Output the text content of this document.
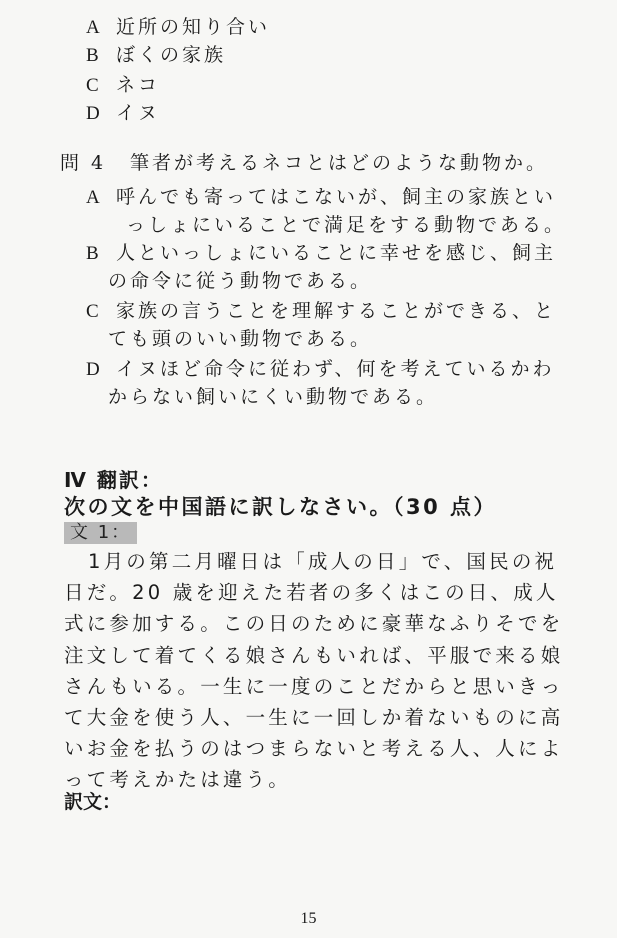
A 近所の知り合い
B ぼくの家族
C ネコ
D イヌ
問 4 筆者が考えるネコとはどのような動物か。
A 呼んでも寄ってはこないが、飼主の家族とい
っしょにいることで満足をする動物である。
B 人といっしょにいることに幸せを感じ、飼主
の命令に従う動物である。
C 家族の言うことを理解することができる、と
ても頭のいい動物である。
D イヌほど命令に従わず、何を考えているかわ
からない飼いにくい動物である。
Ⅳ 翻訳：
次の文を中国語に訳しなさい。（30 点）
文 1：
1月の第二月曜日は「成人の日」で、国民の祝日だ。20 歳を迎えた若者の多くはこの日、成人式に参加する。この日のために豪華なふりそでを注文して着てくる娘さんもいれば、平服で来る娘さんもいる。一生に一度のことだからと思いきって大金を使う人、一生に一回しか着ないものに高いお金を払うのはつまらないと考える人、人によって考えかたは違う。
訳文：
15
